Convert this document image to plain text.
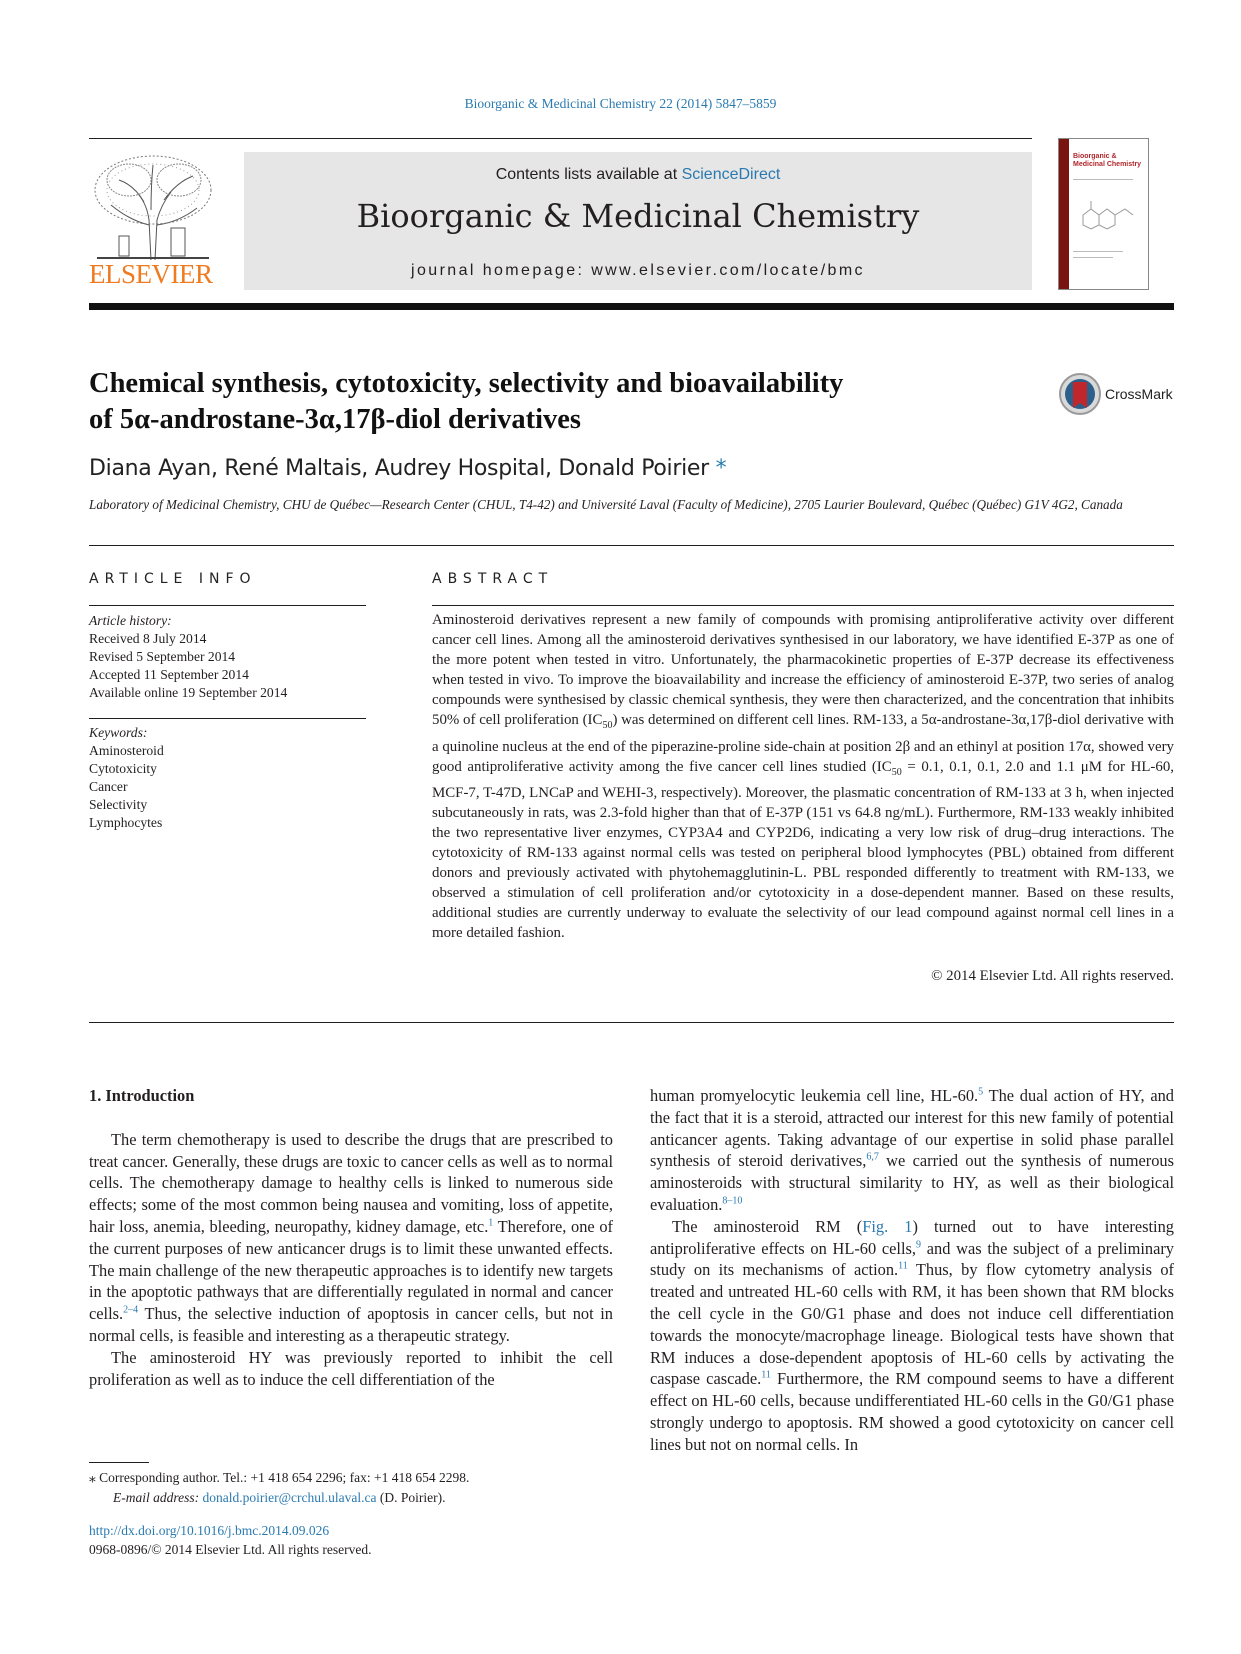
Bioorganic & Medicinal Chemistry 22 (2014) 5847–5859
ELSEVIER
Contents lists available at ScienceDirect
Bioorganic & Medicinal Chemistry
journal homepage: www.elsevier.com/locate/bmc
Bioorganic & Medicinal Chemistry
Chemical synthesis, cytotoxicity, selectivity and bioavailability
of 5α-androstane-3α,17β-diol derivatives
CrossMark
Diana Ayan, René Maltais, Audrey Hospital, Donald Poirier *
Laboratory of Medicinal Chemistry, CHU de Québec—Research Center (CHUL, T4-42) and Université Laval (Faculty of Medicine), 2705 Laurier Boulevard, Québec (Québec) G1V 4G2, Canada
ARTICLE INFO	ABSTRACT
Article history:
Received 8 July 2014
Revised 5 September 2014
Accepted 11 September 2014
Available online 19 September 2014
Keywords:
Aminosteroid
Cytotoxicity
Cancer
Selectivity
Lymphocytes
Aminosteroid derivatives represent a new family of compounds with promising antiproliferative activity over different cancer cell lines. Among all the aminosteroid derivatives synthesised in our laboratory, we have identified E-37P as one of the more potent when tested in vitro. Unfortunately, the pharmacokinetic properties of E-37P decrease its effectiveness when tested in vivo. To improve the bioavailability and increase the efficiency of aminosteroid E-37P, two series of analog compounds were synthesised by classic chemical synthesis, they were then characterized, and the concentration that inhibits 50% of cell proliferation $(IC_{50})$ was determined on different cell lines. RM-133, a 5α-androstane-3α,17β-diol derivative with a quinoline nucleus at the end of the piperazine-proline side-chain at position 2β and an ethinyl at position 17α, showed very good antiproliferative activity among the five cancer cell lines studied ($IC_{50} = 0.1$, 0.1, 0.1, 2.0 and 1.1 μM for HL-60, MCF-7, T-47D, LNCaP and WEHI-3, respectively). Moreover, the plasmatic concentration of RM-133 at 3 h, when injected subcutaneously in rats, was 2.3-fold higher than that of E-37P (151 vs 64.8 ng/mL). Furthermore, RM-133 weakly inhibited the two representative liver enzymes, CYP3A4 and CYP2D6, indicating a very low risk of drug–drug interactions. The cytotoxicity of RM-133 against normal cells was tested on peripheral blood lymphocytes (PBL) obtained from different donors and previously activated with phytohemagglutinin-L. PBL responded differently to treatment with RM-133, we observed a stimulation of cell proliferation and/or cytotoxicity in a dose-dependent manner. Based on these results, additional studies are currently underway to evaluate the selectivity of our lead compound against normal cell lines in a more detailed fashion.
© 2014 Elsevier Ltd. All rights reserved.
1. Introduction

The term chemotherapy is used to describe the drugs that are prescribed to treat cancer. Generally, these drugs are toxic to cancer cells as well as to normal cells. The chemotherapy damage to healthy cells is linked to numerous side effects; some of the most common being nausea and vomiting, loss of appetite, hair loss, anemia, bleeding, neuropathy, kidney damage, etc.$^1$ Therefore, one of the current purposes of new anticancer drugs is to limit these unwanted effects. The main challenge of the new therapeutic approaches is to identify new targets in the apoptotic pathways that are differentially regulated in normal and cancer cells.$^{2-4}$ Thus, the selective induction of apoptosis in cancer cells, but not in normal cells, is feasible and interesting as a therapeutic strategy.

The aminosteroid HY was previously reported to inhibit the cell proliferation as well as to induce the cell differentiation of the

human promyelocytic leukemia cell line, HL-60.$^5$ The dual action of HY, and the fact that it is a steroid, attracted our interest for this new family of potential anticancer agents. Taking advantage of our expertise in solid phase parallel synthesis of steroid derivatives,$^{6,7}$ we carried out the synthesis of numerous aminosteroids with structural similarity to HY, as well as their biological evaluation.$^{8-10}$

The aminosteroid RM (Fig. 1) turned out to have interesting antiproliferative effects on HL-60 cells,$^9$ and was the subject of a preliminary study on its mechanisms of action.$^{11}$ Thus, by flow cytometry analysis of treated and untreated HL-60 cells with RM, it has been shown that RM blocks the cell cycle in the G0/G1 phase and does not induce cell differentiation towards the monocyte/macrophage lineage. Biological tests have shown that RM induces a dose-dependent apoptosis of HL-60 cells by activating the caspase cascade.$^{11}$ Furthermore, the RM compound seems to have a different effect on HL-60 cells, because undifferentiated HL-60 cells in the G0/G1 phase strongly undergo to apoptosis. RM showed a good cytotoxicity on cancer cell lines but not on normal cells. In

⁎ Corresponding author. Tel.: +1 418 654 2296; fax: +1 418 654 2298.
E-mail address: donald.poirier@crchul.ulaval.ca (D. Poirier).
http://dx.doi.org/10.1016/j.bmc.2014.09.026
0968-0896/© 2014 Elsevier Ltd. All rights reserved.
